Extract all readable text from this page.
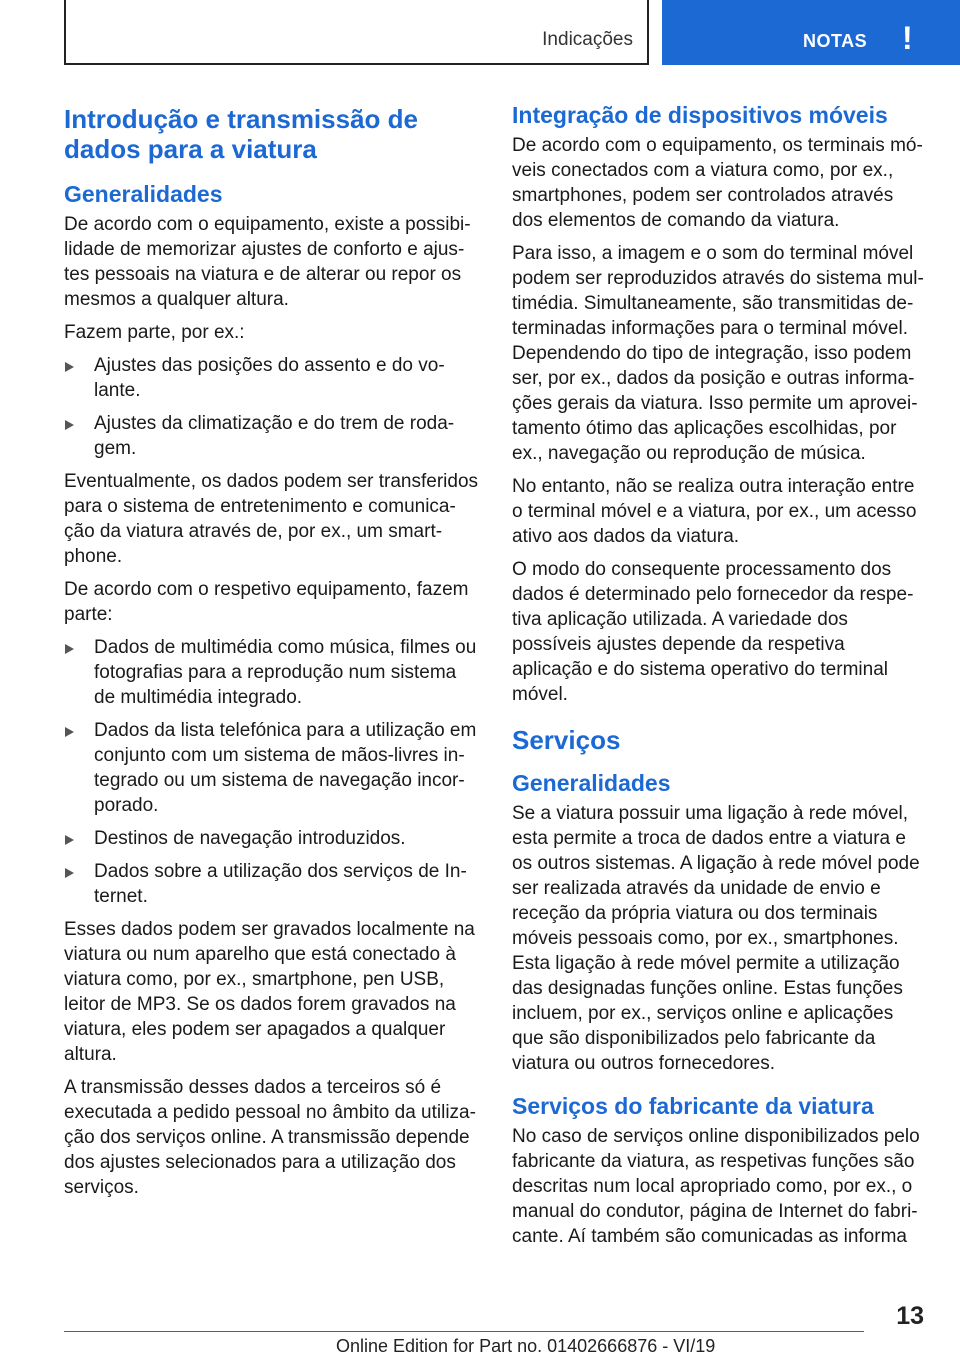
Indicações	NOTAS !
Introdução e transmissão de dados para a viatura
Generalidades

De acordo com o equipamento, existe a possibilidade de memorizar ajustes de conforto e ajustes pessoais na viatura e de alterar ou repor os mesmos a qualquer altura.

Fazem parte, por ex.:

Ajustes das posições do assento e do volante.
Ajustes da climatização e do trem de rodagem.

Eventualmente, os dados podem ser transferidos para o sistema de entretenimento e comunicação da viatura através de, por ex., um smartphone.

De acordo com o respetivo equipamento, fazem parte:

Dados de multimédia como música, filmes ou fotografias para a reprodução num sistema de multimédia integrado.
Dados da lista telefónica para a utilização em conjunto com um sistema de mãos-livres integrado ou um sistema de navegação incorporado.
Destinos de navegação introduzidos.
Dados sobre a utilização dos serviços de Internet.

Esses dados podem ser gravados localmente na viatura ou num aparelho que está conectado à viatura como, por ex., smartphone, pen USB, leitor de MP3. Se os dados forem gravados na viatura, eles podem ser apagados a qualquer altura.

A transmissão desses dados a terceiros só é executada a pedido pessoal no âmbito da utilização dos serviços online. A transmissão depende dos ajustes selecionados para a utilização dos serviços.

Integração de dispositivos móveis

De acordo com o equipamento, os terminais móveis conectados com a viatura como, por ex., smartphones, podem ser controlados através dos elementos de comando da viatura.

Para isso, a imagem e o som do terminal móvel podem ser reproduzidos através do sistema multimédia. Simultaneamente, são transmitidas determinadas informações para o terminal móvel. Dependendo do tipo de integração, isso podem ser, por ex., dados da posição e outras informações gerais da viatura. Isso permite um aproveitamento ótimo das aplicações escolhidas, por ex., navegação ou reprodução de música.

No entanto, não se realiza outra interação entre o terminal móvel e a viatura, por ex., um acesso ativo aos dados da viatura.

O modo do consequente processamento dos dados é determinado pelo fornecedor da respetiva aplicação utilizada. A variedade dos possíveis ajustes depende da respetiva aplicação e do sistema operativo do terminal móvel.

Serviços
Generalidades

Se a viatura possuir uma ligação à rede móvel, esta permite a troca de dados entre a viatura e os outros sistemas. A ligação à rede móvel pode ser realizada através da unidade de envio e receção da própria viatura ou dos terminais móveis pessoais como, por ex., smartphones. Esta ligação à rede móvel permite a utilização das designadas funções online. Estas funções incluem, por ex., serviços online e aplicações que são disponibilizados pelo fabricante da viatura ou outros fornecedores.

Serviços do fabricante da viatura

No caso de serviços online disponibilizados pelo fabricante da viatura, as respetivas funções são descritas num local apropriado como, por ex., o manual do condutor, página de Internet do fabricante. Aí também são comunicadas as informa

13
Online Edition for Part no. 01402666876 - VI/19
